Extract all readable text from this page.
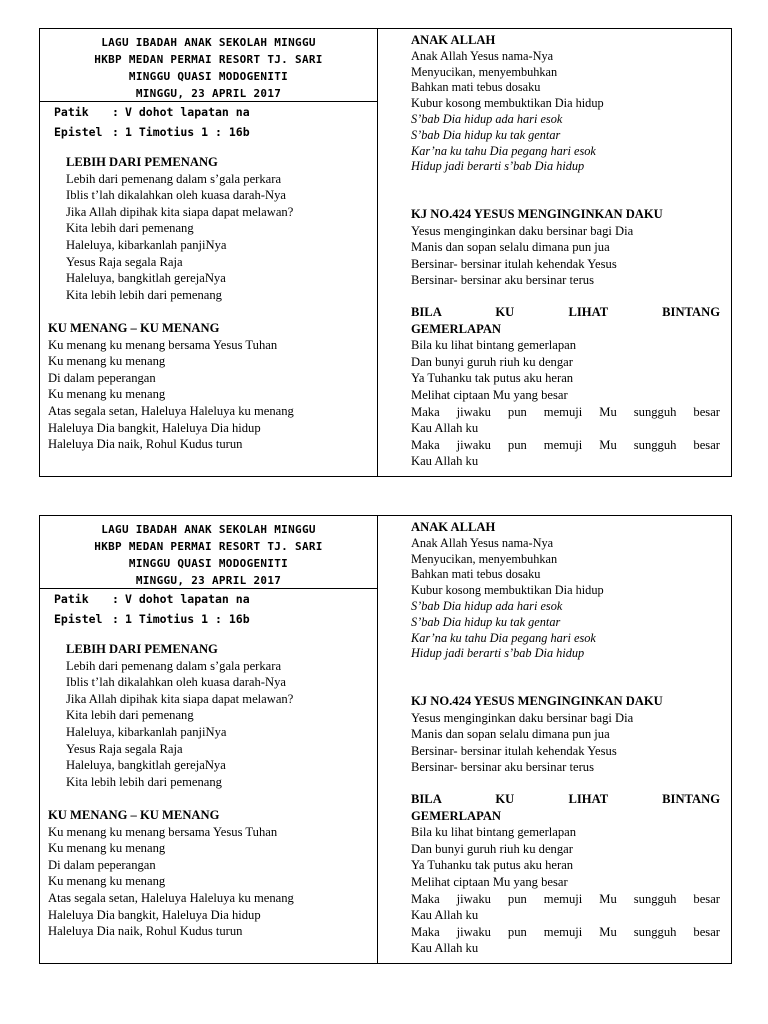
LAGU IBADAH ANAK SEKOLAH MINGGU
HKBP MEDAN PERMAI RESORT TJ. SARI
MINGGU QUASI MODOGENITI
MINGGU, 23 APRIL 2017
Patik : V dohot lapatan na
Epistel : 1 Timotius 1 : 16b
LEBIH DARI PEMENANG
Lebih dari pemenang dalam s’gala perkara
Iblis t’lah dikalahkan oleh kuasa darah-Nya
Jika Allah dipihak kita siapa dapat melawan?
Kita lebih dari pemenang
Haleluya, kibarkanlah panjiNya
Yesus Raja segala Raja
Haleluya, bangkitlah gerejaNya
Kita lebih lebih dari pemenang
KU MENANG – KU MENANG
Ku menang ku menang bersama Yesus Tuhan
Ku menang ku menang
Di dalam peperangan
Ku menang ku menang
Atas segala setan, Haleluya Haleluya ku menang
Haleluya Dia bangkit, Haleluya Dia hidup
Haleluya Dia naik, Rohul Kudus turun
ANAK ALLAH
Anak Allah Yesus nama-Nya
Menyucikan, menyembuhkan
Bahkan mati tebus dosaku
Kubur kosong membuktikan Dia hidup
S’bab Dia hidup ada hari esok
S’bab Dia hidup ku tak gentar
Kar’na ku tahu Dia pegang hari esok
Hidup jadi berarti s’bab Dia hidup
KJ NO.424 YESUS MENGINGINKAN DAKU
Yesus menginginkan daku bersinar bagi Dia
Manis dan sopan selalu dimana pun jua
Bersinar- bersinar itulah kehendak Yesus
Bersinar- bersinar aku bersinar terus
BILA KU LIHAT BINTANG
GEMERLAPAN
Bila ku lihat bintang gemerlapan
Dan bunyi guruh riuh ku dengar
Ya Tuhanku tak putus aku heran
Melihat ciptaan Mu yang besar
Maka jiwaku pun memuji Mu sungguh besar
Kau Allah ku
Maka jiwaku pun memuji Mu sungguh besar
Kau Allah ku
LAGU IBADAH ANAK SEKOLAH MINGGU
HKBP MEDAN PERMAI RESORT TJ. SARI
MINGGU QUASI MODOGENITI
MINGGU, 23 APRIL 2017
Patik : V dohot lapatan na
Epistel : 1 Timotius 1 : 16b
LEBIH DARI PEMENANG
Lebih dari pemenang dalam s’gala perkara
Iblis t’lah dikalahkan oleh kuasa darah-Nya
Jika Allah dipihak kita siapa dapat melawan?
Kita lebih dari pemenang
Haleluya, kibarkanlah panjiNya
Yesus Raja segala Raja
Haleluya, bangkitlah gerejaNya
Kita lebih lebih dari pemenang
KU MENANG – KU MENANG
Ku menang ku menang bersama Yesus Tuhan
Ku menang ku menang
Di dalam peperangan
Ku menang ku menang
Atas segala setan, Haleluya Haleluya ku menang
Haleluya Dia bangkit, Haleluya Dia hidup
Haleluya Dia naik, Rohul Kudus turun
ANAK ALLAH
Anak Allah Yesus nama-Nya
Menyucikan, menyembuhkan
Bahkan mati tebus dosaku
Kubur kosong membuktikan Dia hidup
S’bab Dia hidup ada hari esok
S’bab Dia hidup ku tak gentar
Kar’na ku tahu Dia pegang hari esok
Hidup jadi berarti s’bab Dia hidup
KJ NO.424 YESUS MENGINGINKAN DAKU
Yesus menginginkan daku bersinar bagi Dia
Manis dan sopan selalu dimana pun jua
Bersinar- bersinar itulah kehendak Yesus
Bersinar- bersinar aku bersinar terus
BILA KU LIHAT BINTANG
GEMERLAPAN
Bila ku lihat bintang gemerlapan
Dan bunyi guruh riuh ku dengar
Ya Tuhanku tak putus aku heran
Melihat ciptaan Mu yang besar
Maka jiwaku pun memuji Mu sungguh besar
Kau Allah ku
Maka jiwaku pun memuji Mu sungguh besar
Kau Allah ku
